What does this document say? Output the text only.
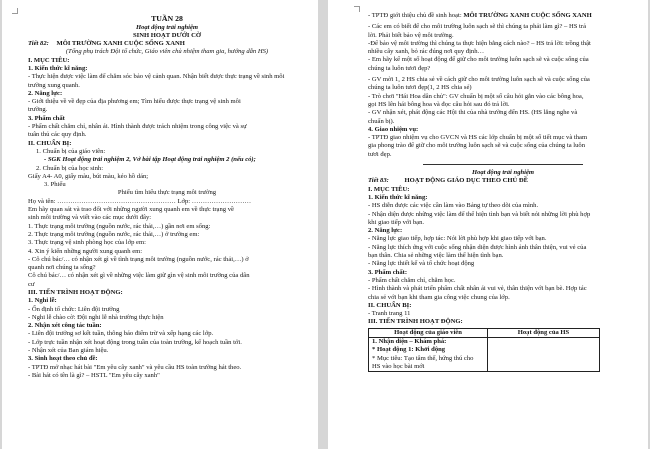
TUẦN 28
Hoạt động trải nghiệm
SINH HOẠT DƯỚI CỜ
Tiết 82: MÔI TRƯỜNG XANH CUỘC SỐNG XANH
(Tổng phụ trách Đội tổ chức, Giáo viên chủ nhiệm tham gia, hướng dẫn HS)
I. MỤC TIÊU:
1. Kiến thức kĩ năng:
- Thực hiện được việc làm để chăm sóc bảo vệ cảnh quan. Nhận biết được thực trạng về sinh môi
trường xung quanh.
2. Năng lực:
- Giới thiệu về về đẹp của địa phương em; Tìm hiểu được thực trạng vệ sinh môi
trường.
3. Phẩm chất
- Phẩm chất chăm chỉ, nhân ái. Hình thành được trách nhiệm trong công việc và sự
tuân thủ các quy định.
II. CHUẨN BỊ:
1. Chuẩn bị của giáo viên:
- SGK Hoạt động trải nghiệm 2, Vở bài tập Hoạt động trải nghiệm 2 (nếu có);
2. Chuẩn bị của học sinh:
Giấy A4- A0, giấy màu, bút màu, kéo hồ dán;
3. Phiếu
Phiếu tìm hiểu thực trạng môi trường
Họ và tên: ……………………………………………… Lớp: ………………………
Em hãy quan sát và trao đổi với những người xung quanh em về thực trạng về
sinh môi trường và viết vào các mục dưới đây:
1. Thực trạng môi trường (nguồn nước, rác thải,…) gần nơi em sống:
2. Thực trạng môi trường (nguồn nước, rác thải,…) ở trường em:
3. Thực trạng vệ sinh phòng học của lớp em:
4. Xin ý kiến những người xung quanh em:
- Cô chú bác/… có nhận xét gì về tình trạng môi trường (nguồn nước, rác thải,…) ở
quanh nơi chúng ta sống?
Cô chú bác/… có nhận xét gì về những việc làm giữ gìn vệ sinh môi trường của dân
cư
III. TIẾN TRÌNH HOẠT ĐỘNG:
1. Nghi lễ:
- Ổn định tổ chức: Liên đội trưởng
- Nghi lễ chào cờ: Đội nghi lễ nhà trường thực hiện
2. Nhận xét công tác tuần:
- Liên đội trưởng sơ kết tuần, thông báo điểm trừ và xếp hạng các lớp.
- Lớp trực tuần nhận xét hoạt động trong tuần của toàn trường, kế hoạch tuần tới.
- Nhận xét của Ban giám hiệu.
3. Sinh hoạt theo chủ đề:
- TPTĐ mở nhạc hát bài "Em yêu cây xanh" và yêu cầu HS toàn trường hát theo.
- Bài hát có tên là gì? – HSTL "Em yêu cây xanh"
- TPTĐ giới thiệu chủ đề sinh hoạt: MÔI TRƯỜNG XANH CUỘC SỐNG XANH
- Các em có biết để cho môi trường luôn sạch sẽ thì chúng ta phải làm gì? – HS trả
lời. Phải biết bảo vệ môi trường.
-Để bảo vệ môi trường thì chúng ta thực hiện bằng cách nào? – HS trả lời: trồng thật
nhiều cây xanh, bỏ rác đúng nơi quy định…
- Em hãy kể một số hoạt động để giữ cho môi trường luôn sạch sẽ và cuộc sống của
chúng ta luôn tươi đẹp?
- GV mời 1, 2 HS chia sẻ về cách giữ cho môi trường luôn sạch sẽ và cuộc sống của
chúng ta luôn tươi đẹp(1, 2 HS chia sẻ)
- Trò chơi "Hái Hoa dân chủ": GV chuẩn bị một số câu hỏi gắn vào các bông hoa,
gọi HS lên hái bông hoa và đọc câu hỏi sau đó trả lời.
- GV nhận xét, phát động các Hội thi của nhà trường đến HS. (HS lắng nghe và
chuẩn bị).
4. Giao nhiệm vụ:
- TPTĐ giao nhiệm vụ cho GVCN và HS các lớp chuẩn bị một số tiết mục và tham
gia phong trào để giữ cho môi trường luôn sạch sẽ và cuộc sống của chúng ta luôn
tươi đẹp.
Hoạt động trải nghiệm
Tiết 83: HOẠT ĐỘNG GIÁO DỤC THEO CHỦ ĐỀ
I. MỤC TIÊU:
1. Kiến thức kĩ năng:
- HS diễn được các việc cần làm vào Bảng tự theo dõi của mình.
- Nhận diện được những việc làm để thể hiện tình bạn và biết nói những lời phù hợp
khi giao tiếp với bạn.
2. Năng lực:
- Năng lực giao tiếp, hợp tác: Nói lời phù hợp khi giao tiếp với bạn.
- Năng lực thích ứng với cuộc sống nhận diện được hình ảnh thân thiện, vui vẻ của
bạn thân. Chia sẻ những việc làm thể hiện tình bạn.
- Năng lực thiết kế và tổ chức hoạt động
3. Phẩm chất:
- Phẩm chất chăm chỉ, chăm học.
- Hình thành và phát triển phẩm chất nhân ái vui vẻ, thân thiện với bạn bè. Hợp tác
chia sẻ với bạn khi tham gia công việc chung của lớp.
II. CHUẨN BỊ:
- Tranh trang 11
III. TIẾN TRÌNH HOẠT ĐỘNG:
Hoạt động của giáo viên	Hoạt động của HS

1. Nhận diện – Khám phá:
* Hoạt động 1: Khởi động
* Mục tiêu: Tạo tâm thế, hứng thú cho
HS vào học bài mới	
